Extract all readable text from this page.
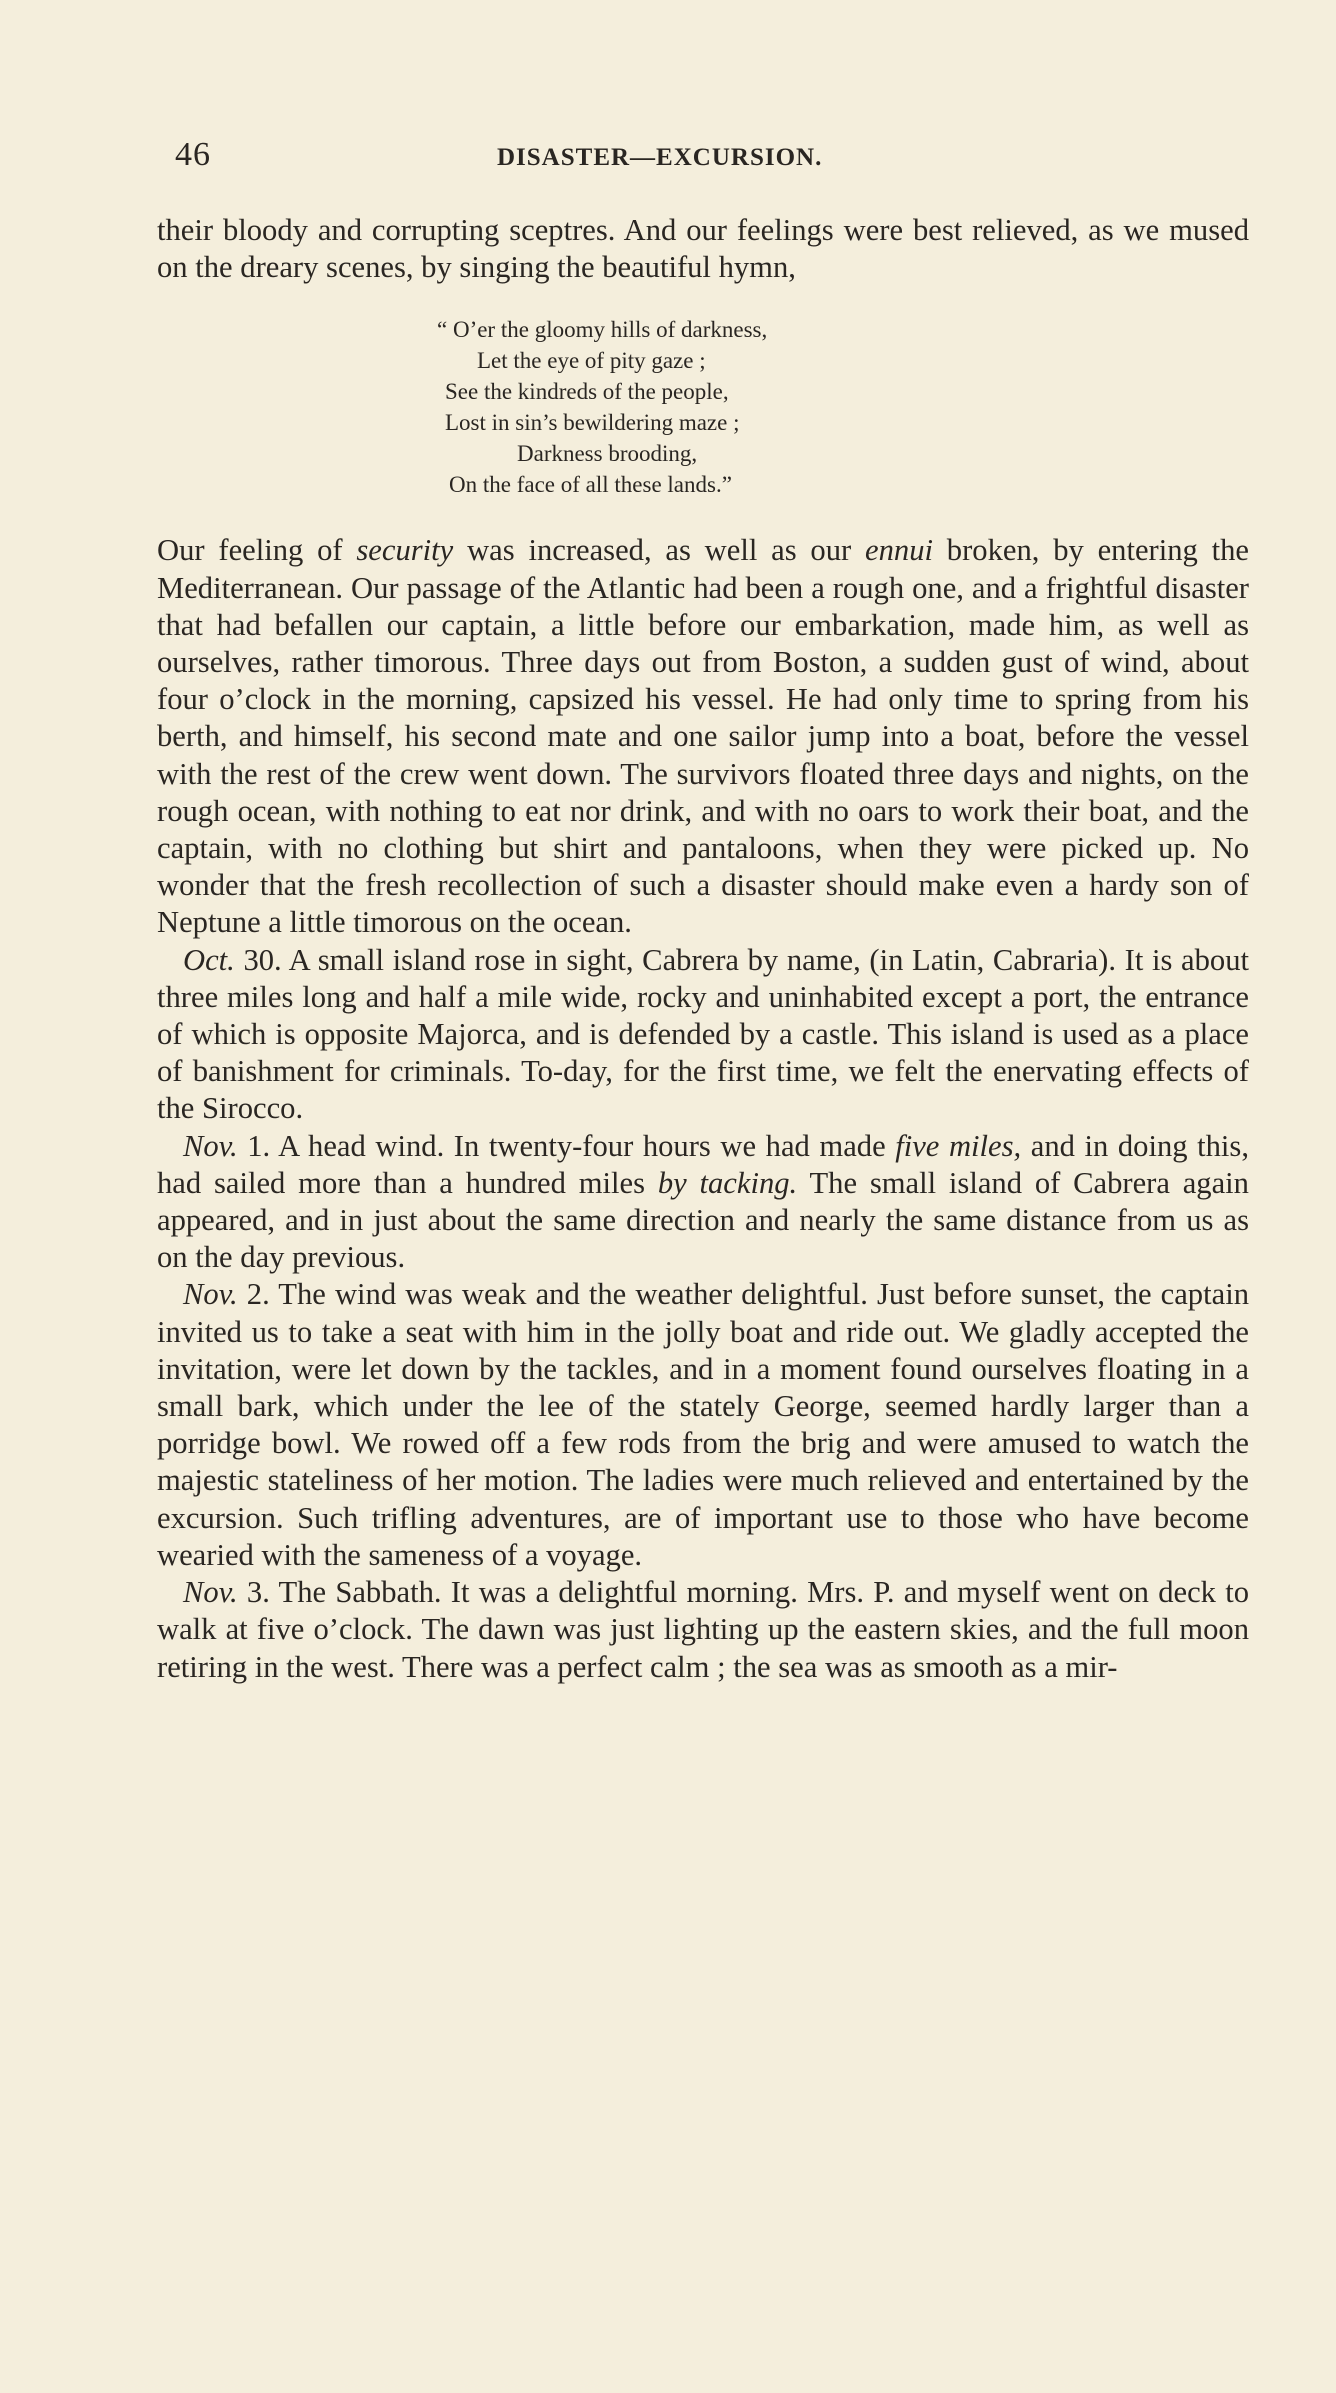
46	DISASTER—EXCURSION.

their bloody and corrupting sceptres. And our feelings were best relieved, as we mused on the dreary scenes, by singing the beautiful hymn,

“ O’er the gloomy hills of darkness,
Let the eye of pity gaze ;
See the kindreds of the people,
Lost in sin’s bewildering maze ;
Darkness brooding,
On the face of all these lands.”

Our feeling of security was increased, as well as our ennui broken, by entering the Mediterranean. Our passage of the Atlantic had been a rough one, and a frightful disaster that had befallen our captain, a little before our embarkation, made him, as well as ourselves, rather timorous. Three days out from Boston, a sudden gust of wind, about four o’clock in the morning, capsized his vessel. He had only time to spring from his berth, and himself, his second mate and one sailor jump into a boat, before the vessel with the rest of the crew went down. The survivors floated three days and nights, on the rough ocean, with nothing to eat nor drink, and with no oars to work their boat, and the captain, with no clothing but shirt and pantaloons, when they were picked up. No wonder that the fresh recollection of such a disaster should make even a hardy son of Neptune a little timorous on the ocean.

Oct. 30. A small island rose in sight, Cabrera by name, (in Latin, Cabraria). It is about three miles long and half a mile wide, rocky and uninhabited except a port, the entrance of which is opposite Majorca, and is defended by a castle. This island is used as a place of banishment for criminals. To-day, for the first time, we felt the enervating effects of the Sirocco.

Nov. 1. A head wind. In twenty-four hours we had made five miles, and in doing this, had sailed more than a hundred miles by tacking. The small island of Cabrera again appeared, and in just about the same direction and nearly the same distance from us as on the day previous.

Nov. 2. The wind was weak and the weather delightful. Just before sunset, the captain invited us to take a seat with him in the jolly boat and ride out. We gladly accepted the invitation, were let down by the tackles, and in a moment found ourselves floating in a small bark, which under the lee of the stately George, seemed hardly larger than a porridge bowl. We rowed off a few rods from the brig and were amused to watch the majestic stateliness of her motion. The ladies were much relieved and entertained by the excursion. Such trifling adventures, are of important use to those who have become wearied with the sameness of a voyage.

Nov. 3. The Sabbath. It was a delightful morning. Mrs. P. and myself went on deck to walk at five o’clock. The dawn was just lighting up the eastern skies, and the full moon retiring in the west. There was a perfect calm ; the sea was as smooth as a mir-
